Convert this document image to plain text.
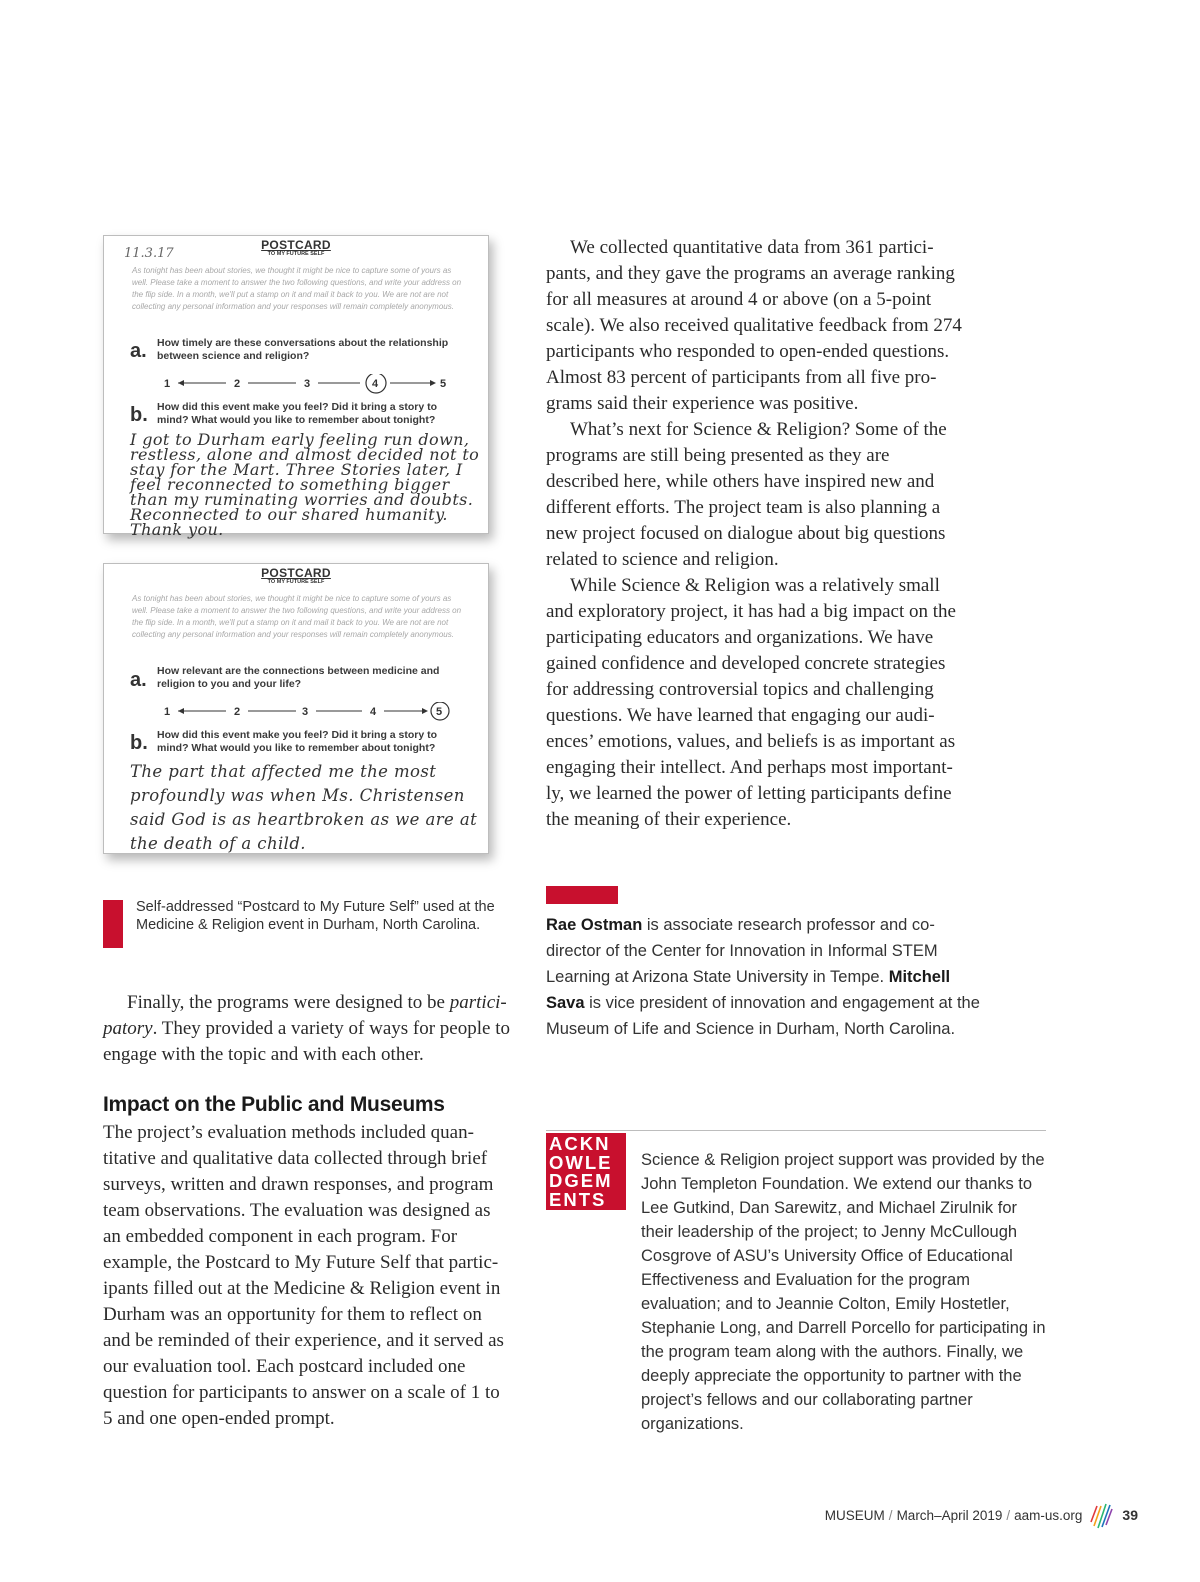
11.3.17
POSTCARD
TO MY FUTURE SELF
As tonight has been about stories, we thought it might be nice to capture some of yours as well. Please take a moment to answer the two following questions, and write your address on the flip side. In a month, we'll put a stamp on it and mail it back to you. We are not are not collecting any personal information and your responses will remain completely anonymous.
a. How timely are these conversations about the relationship between science and religion?
1	2	3	4	5
b. How did this event make you feel? Did it bring a story to mind? What would you like to remember about tonight?
I got to Durham early feeling run down, restless, alone and almost decided not to stay for the Mart. Three Stories later, I feel reconnected to something bigger than my ruminating worries and doubts. Reconnected to our shared humanity. Thank you.
POSTCARD
TO MY FUTURE SELF
As tonight has been about stories, we thought it might be nice to capture some of yours as well. Please take a moment to answer the two following questions, and write your address on the flip side. In a month, we'll put a stamp on it and mail it back to you. We are not are not collecting any personal information and your responses will remain completely anonymous.
a. How relevant are the connections between medicine and religion to you and your life?
1	2	3	4	5
b. How did this event make you feel? Did it bring a story to mind? What would you like to remember about tonight?
The part that affected me the most profoundly was when Ms. Christensen said God is as heartbroken as we are at the death of a child.
Self-addressed “Postcard to My Future Self” used at the Medicine & Religion event in Durham, North Carolina.

Finally, the programs were designed to be partici-patory. They provided a variety of ways for people to engage with the topic and with each other.

Impact on the Public and Museums

The project’s evaluation methods included quan-titative and qualitative data collected through brief surveys, written and drawn responses, and program team observations. The evaluation was designed as an embedded component in each program. For example, the Postcard to My Future Self that partic-ipants filled out at the Medicine & Religion event in Durham was an opportunity for them to reflect on and be reminded of their experience, and it served as our evaluation tool. Each postcard included one question for participants to answer on a scale of 1 to 5 and one open-ended prompt.

We collected quantitative data from 361 partici-pants, and they gave the programs an average ranking for all measures at around 4 or above (on a 5-point scale). We also received qualitative feedback from 274 participants who responded to open-ended questions. Almost 83 percent of participants from all five pro-grams said their experience was positive.

What’s next for Science & Religion? Some of the programs are still being presented as they are described here, while others have inspired new and different efforts. The project team is also planning a new project focused on dialogue about big questions related to science and religion.

While Science & Religion was a relatively small and exploratory project, it has had a big impact on the participating educators and organizations. We have gained confidence and developed concrete strategies for addressing controversial topics and challenging questions. We have learned that engaging our audi-ences’ emotions, values, and beliefs is as important as engaging their intellect. And perhaps most important-ly, we learned the power of letting participants define the meaning of their experience.

Rae Ostman is associate research professor and co-director of the Center for Innovation in Informal STEM Learning at Arizona State University in Tempe. Mitchell Sava is vice president of innovation and engagement at the Museum of Life and Science in Durham, North Carolina.
ACKN
OWLE
DGEM
ENTS
Science & Religion project support was provided by the John Templeton Foundation. We extend our thanks to Lee Gutkind, Dan Sarewitz, and Michael Zirulnik for their leadership of the project; to Jenny McCullough Cosgrove of ASU’s University Office of Educational Effectiveness and Evaluation for the program evaluation; and to Jeannie Colton, Emily Hostetler, Stephanie Long, and Darrell Porcello for participating in the program team along with the authors. Finally, we deeply appreciate the opportunity to partner with the project’s fellows and our collaborating partner organizations.
MUSEUM / March–April 2019 / aam-us.org	39
